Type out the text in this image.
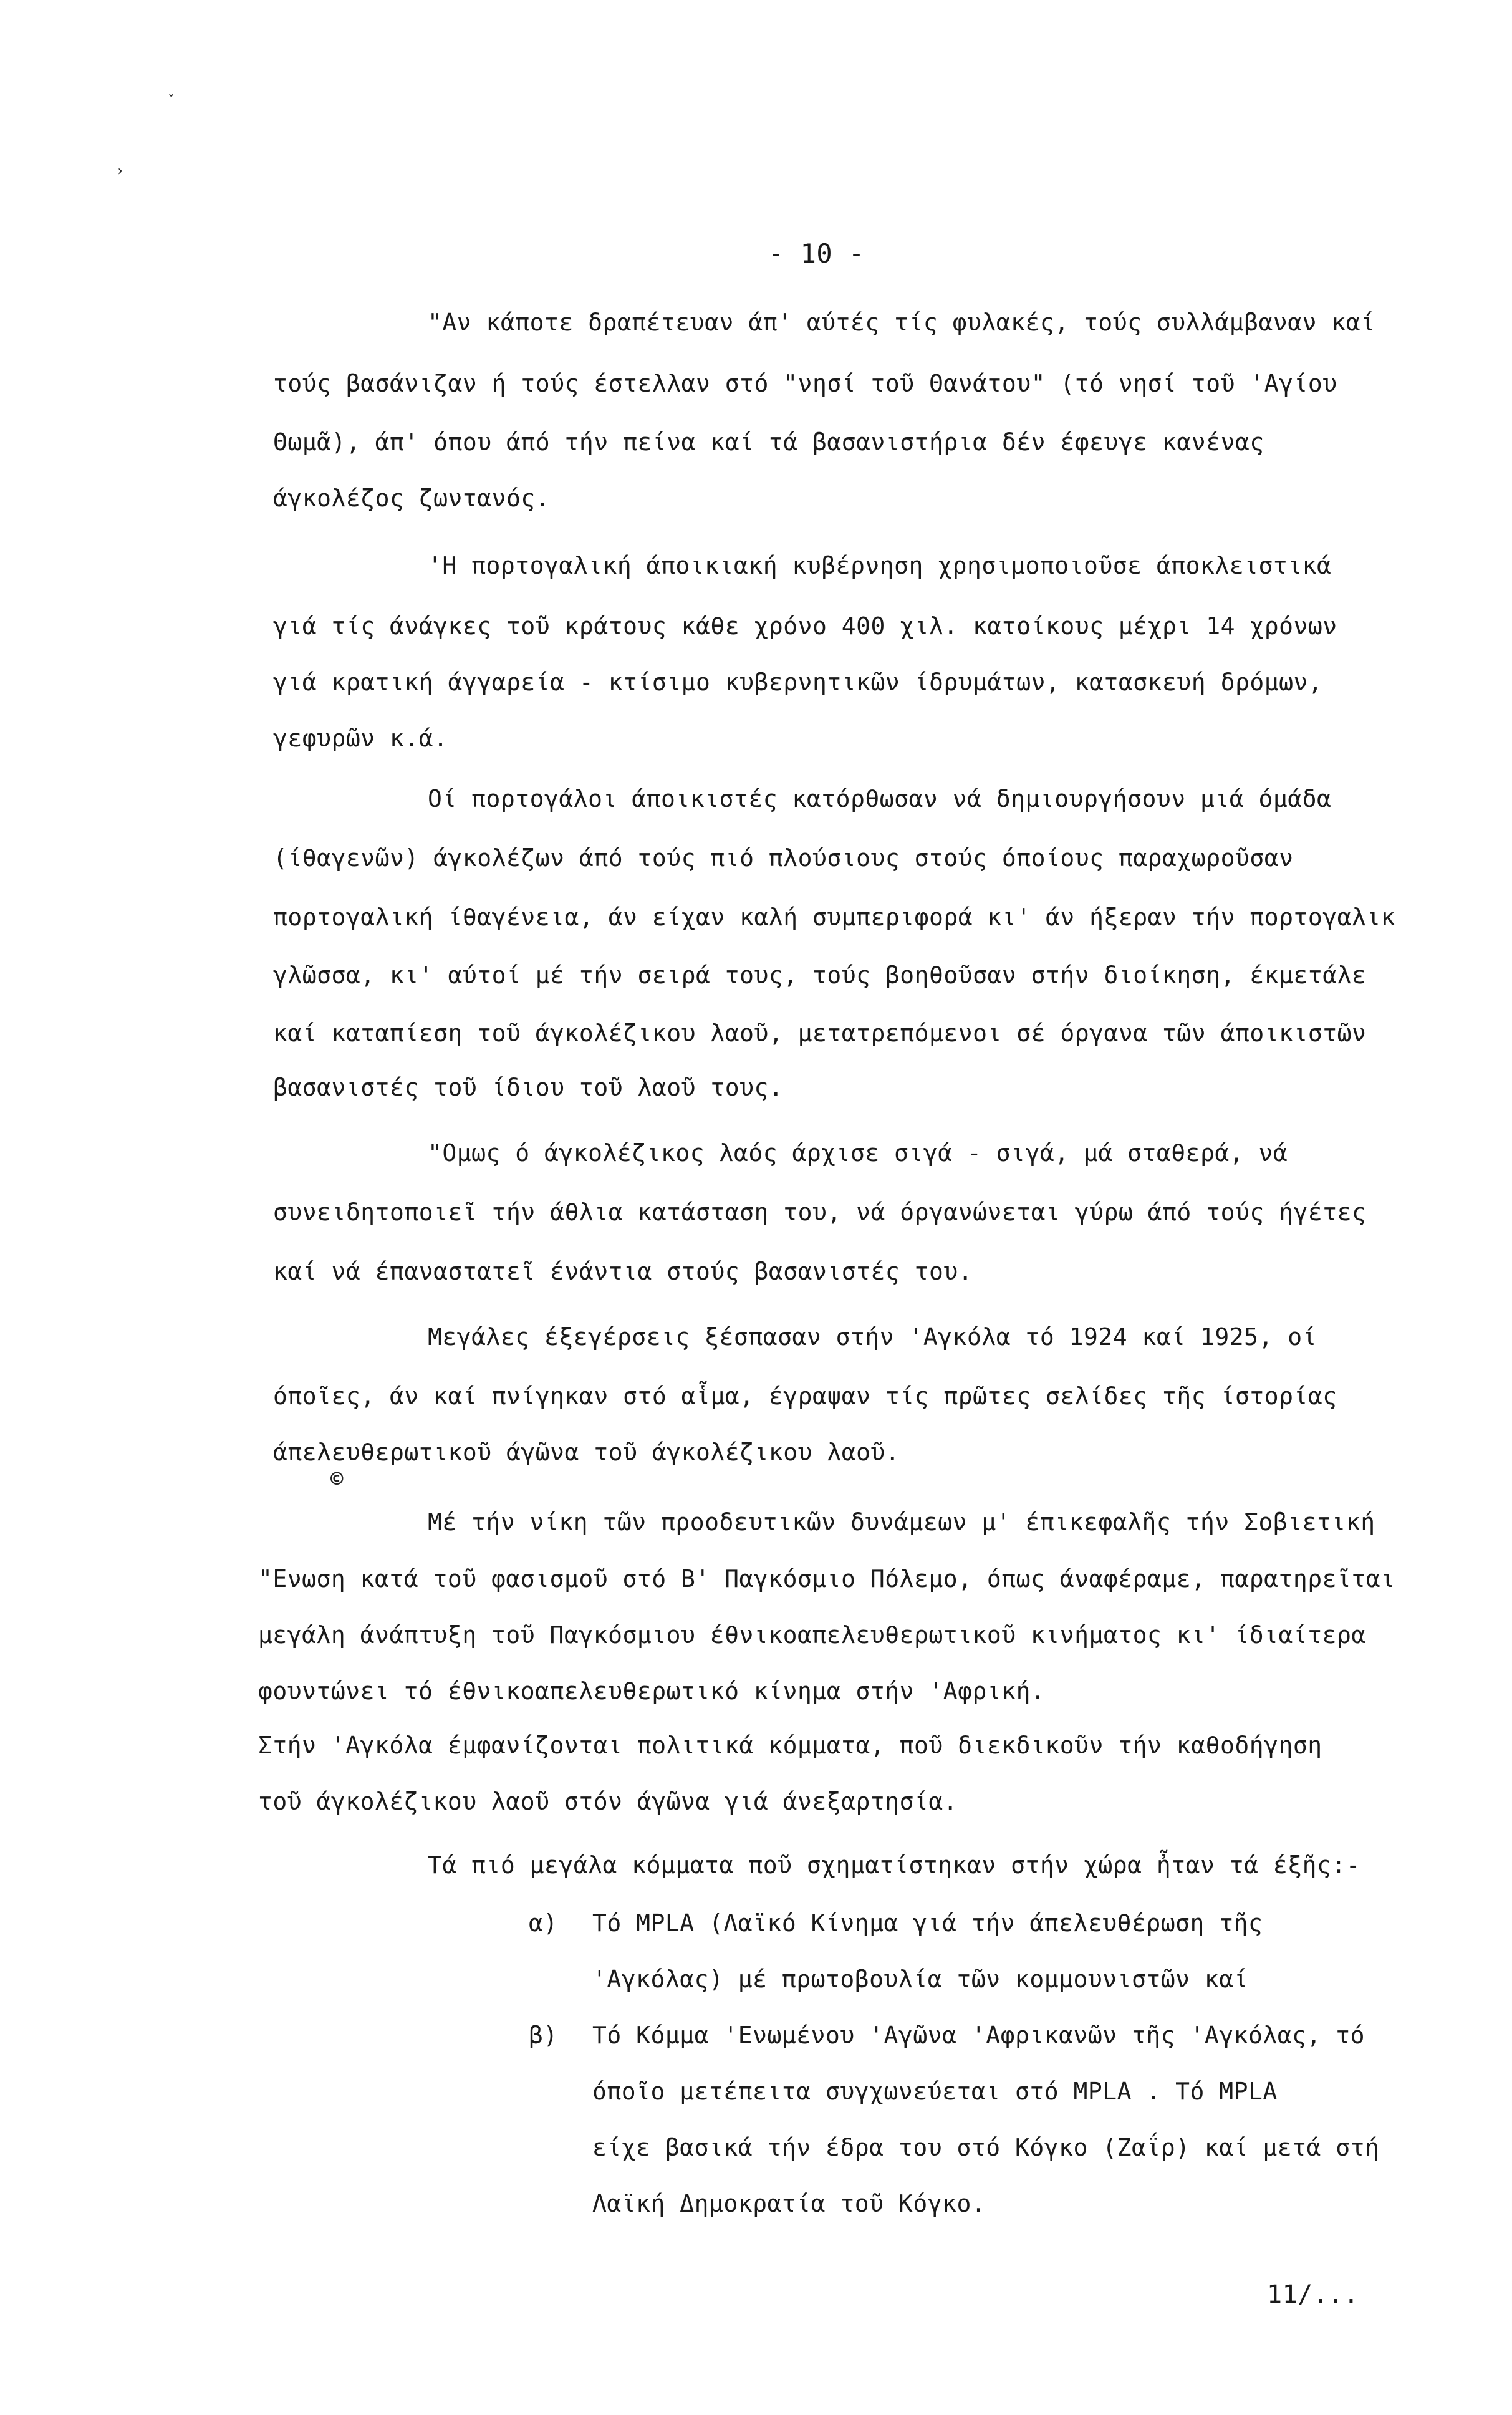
ˇ
›
- 10 -
"Αν κάποτε δραπέτευαν άπ' αύτές τίς φυλακές, τούς συλλάμβαναν καί
τούς βασάνιζαν ή τούς έστελλαν στό "νησί τοῦ Θανάτου" (τό νησί τοῦ 'Αγίου
Θωμᾶ), άπ' όπου άπό τήν πείνα καί τά βασανιστήρια δέν έφευγε κανένας
άγκολέζος ζωντανός.
'Η πορτογαλική άποικιακή κυβέρνηση χρησιμοποιοῦσε άποκλειστικά
γιά τίς άνάγκες τοῦ κράτους κάθε χρόνο 400 χιλ. κατοίκους μέχρι 14 χρόνων
γιά κρατική άγγαρεία - κτίσιμο κυβερνητικῶν ίδρυμάτων, κατασκευή δρόμων,
γεφυρῶν κ.ά.
Οί πορτογάλοι άποικιστές κατόρθωσαν νά δημιουργήσουν μιά όμάδα
(ίθαγενῶν) άγκολέζων άπό τούς πιό πλούσιους στούς όποίους παραχωροῦσαν
πορτογαλική ίθαγένεια, άν είχαν καλή συμπεριφορά κι' άν ήξεραν τήν πορτογαλικ
γλῶσσα, κι' αύτοί μέ τήν σειρά τους, τούς βοηθοῦσαν στήν διοίκηση, έκμετάλε
καί καταπίεση τοῦ άγκολέζικου λαοῦ, μετατρεπόμενοι σέ όργανα τῶν άποικιστῶν
βασανιστές τοῦ ίδιου τοῦ λαοῦ τους.
"Ομως ό άγκολέζικος λαός άρχισε σιγά - σιγά, μά σταθερά, νά
συνειδητοποιεῖ τήν άθλια κατάσταση του, νά όργανώνεται γύρω άπό τούς ήγέτες
καί νά έπαναστατεῖ ένάντια στούς βασανιστές του.
Μεγάλες έξεγέρσεις ξέσπασαν στήν 'Αγκόλα τό 1924 καί 1925, οί
όποῖες, άν καί πνίγηκαν στό αἷμα, έγραψαν τίς πρῶτες σελίδες τῆς ίστορίας
άπελευθερωτικοῦ άγῶνα τοῦ άγκολέζικου λαοῦ.
©
Μέ τήν νίκη τῶν προοδευτικῶν δυνάμεων μ' έπικεφαλῆς τήν Σοβιετική
"Ενωση κατά τοῦ φασισμοῦ στό Β' Παγκόσμιο Πόλεμο, όπως άναφέραμε, παρατηρεῖται
μεγάλη άνάπτυξη τοῦ Παγκόσμιου έθνικοαπελευθερωτικοῦ κινήματος κι' ίδιαίτερα
φουντώνει τό έθνικοαπελευθερωτικό κίνημα στήν 'Αφρική.
Στήν 'Αγκόλα έμφανίζονται πολιτικά κόμματα, ποῦ διεκδικοῦν τήν καθοδήγηση
τοῦ άγκολέζικου λαοῦ στόν άγῶνα γιά άνεξαρτησία.
Τά πιό μεγάλα κόμματα ποῦ σχηματίστηκαν στήν χώρα ἦταν τά έξῆς:-
α) Τό MPLA (Λαϊκό Κίνημα γιά τήν άπελευθέρωση τῆς
'Αγκόλας) μέ πρωτοβουλία τῶν κομμουνιστῶν καί
β) Τό Κόμμα 'Ενωμένου 'Αγῶνα 'Αφρικανῶν τῆς 'Αγκόλας, τό
όποῖο μετέπειτα συγχωνεύεται στό MPLA . Τό MPLA
είχε βασικά τήν έδρα του στό Κόγκο (Ζαΐρ) καί μετά στή
Λαϊκή Δημοκρατία τοῦ Κόγκο.
11/...
